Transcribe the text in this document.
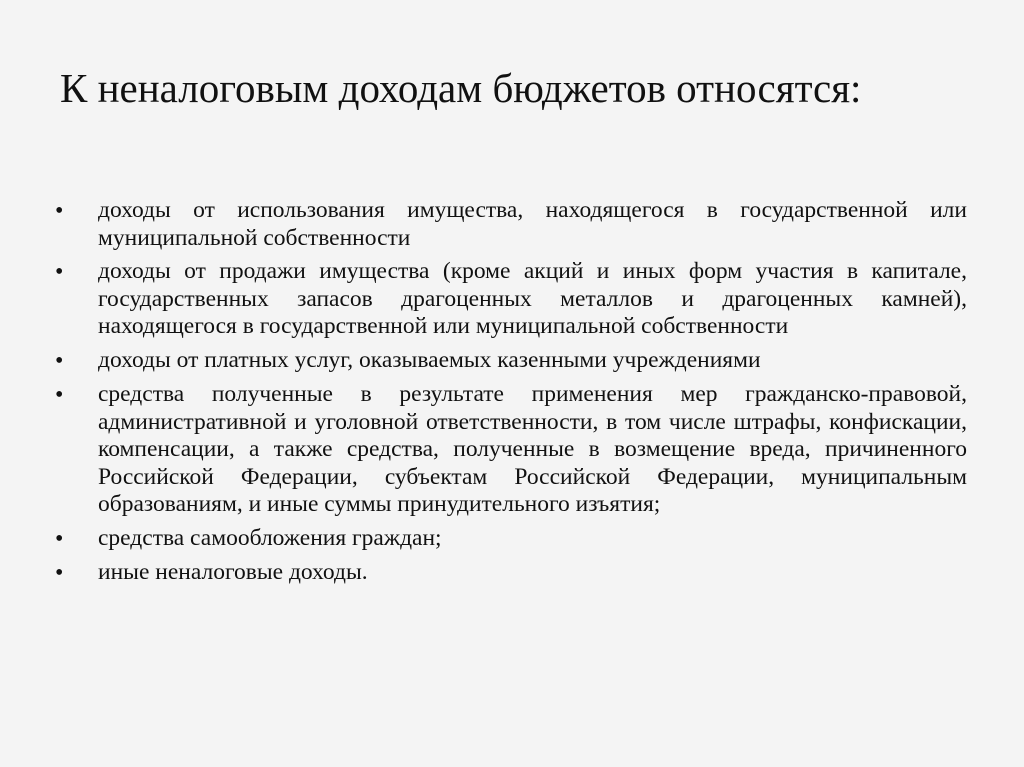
К неналоговым доходам бюджетов относятся:
•	доходы от использования имущества, находящегося в государственной или муниципальной собственности
•	доходы от продажи имущества (кроме акций и иных форм участия в капитале, государственных запасов драгоценных металлов и драгоценных камней), находящегося в государственной или муниципальной собственности
•	доходы от платных услуг, оказываемых казенными учреждениями
•	средства полученные в результате применения мер гражданско-правовой, административной и уголовной ответственности, в том числе штрафы, конфискации, компенсации, а также средства, полученные в возмещение вреда, причиненного Российской Федерации, субъектам Российской Федерации, муниципальным образованиям, и иные суммы принудительного изъятия;
•	средства самообложения граждан;
•	иные неналоговые доходы.
